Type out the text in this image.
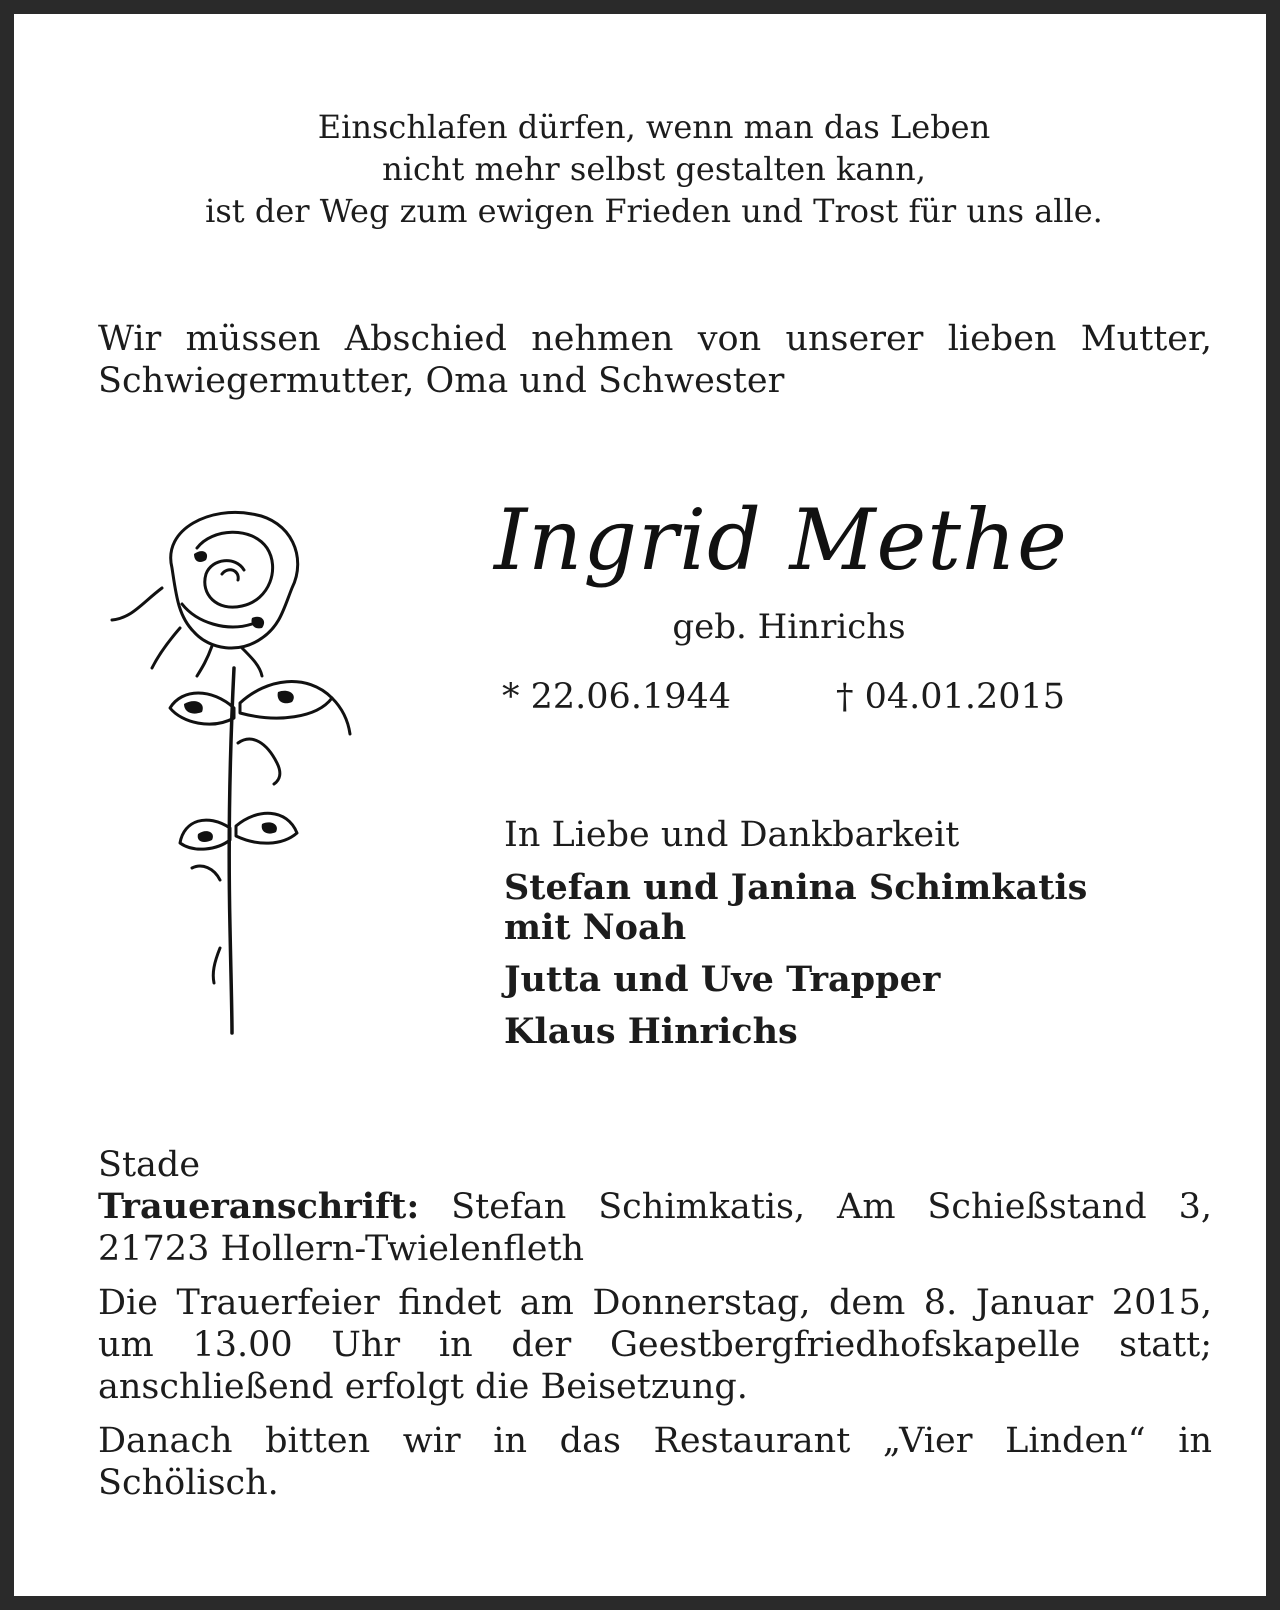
Einschlafen dürfen, wenn man das Leben
nicht mehr selbst gestalten kann,
ist der Weg zum ewigen Frieden und Trost für uns alle.
Wir müssen Abschied nehmen von unserer lieben Mutter, Schwiegermutter, Oma und Schwester
Ingrid Methe
geb. Hinrichs
* 22.06.1944	† 04.01.2015
In Liebe und Dankbarkeit
Stefan und Janina Schimkatis
mit Noah
Jutta und Uve Trapper
Klaus Hinrichs

Stade

Traueranschrift: Stefan Schimkatis, Am Schießstand 3, 21723 Hollern-Twielenfleth

Die Trauerfeier findet am Donnerstag, dem 8. Januar 2015, um 13.00 Uhr in der Geestbergfriedhofskapelle statt; anschließend erfolgt die Beisetzung.

Danach bitten wir in das Restaurant „Vier Linden“ in Schölisch.
